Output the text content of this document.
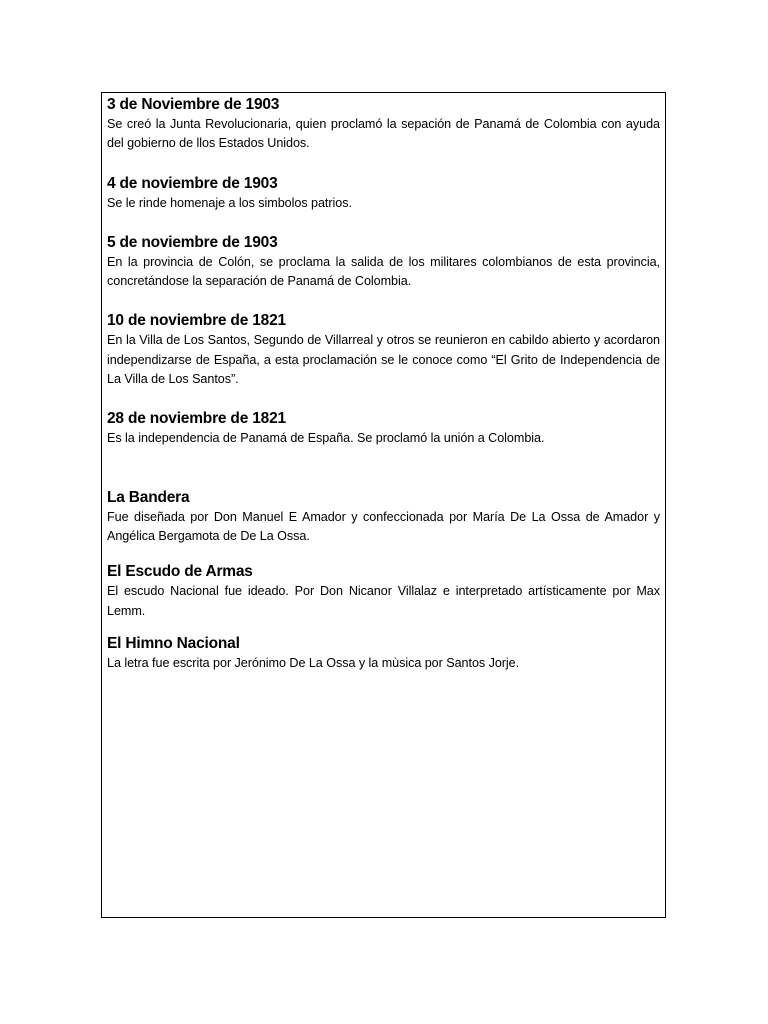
3 de Noviembre de 1903

Se creó la Junta Revolucionaria, quien proclamó la sepación de Panamá de Colombia con ayuda del gobierno de llos Estados Unidos.

4 de noviembre de 1903

Se le rinde homenaje a los simbolos patrios.

5 de noviembre de 1903

En la provincia de Colón, se proclama la salida de los militares colombianos de esta provincia, concretándose la separación de Panamá de Colombia.

10 de noviembre de 1821

En la Villa de Los Santos, Segundo de Villarreal y otros se reunieron en cabildo abierto y acordaron independizarse de España, a esta proclamación se le conoce como “El Grito de Independencia de La Villa de Los Santos”.

28 de noviembre de 1821

Es la independencia de Panamá de España. Se proclamó la unión a Colombia.

La Bandera

Fue diseñada por Don Manuel E Amador y confeccionada por María De La Ossa de Amador y Angélica Bergamota de De La Ossa.

El Escudo de Armas

El escudo Nacional fue ideado. Por Don Nicanor Villalaz e interpretado artísticamente por Max Lemm.

El Himno Nacional

La letra fue escrita por Jerónimo De La Ossa y la mùsica por Santos Jorje.
